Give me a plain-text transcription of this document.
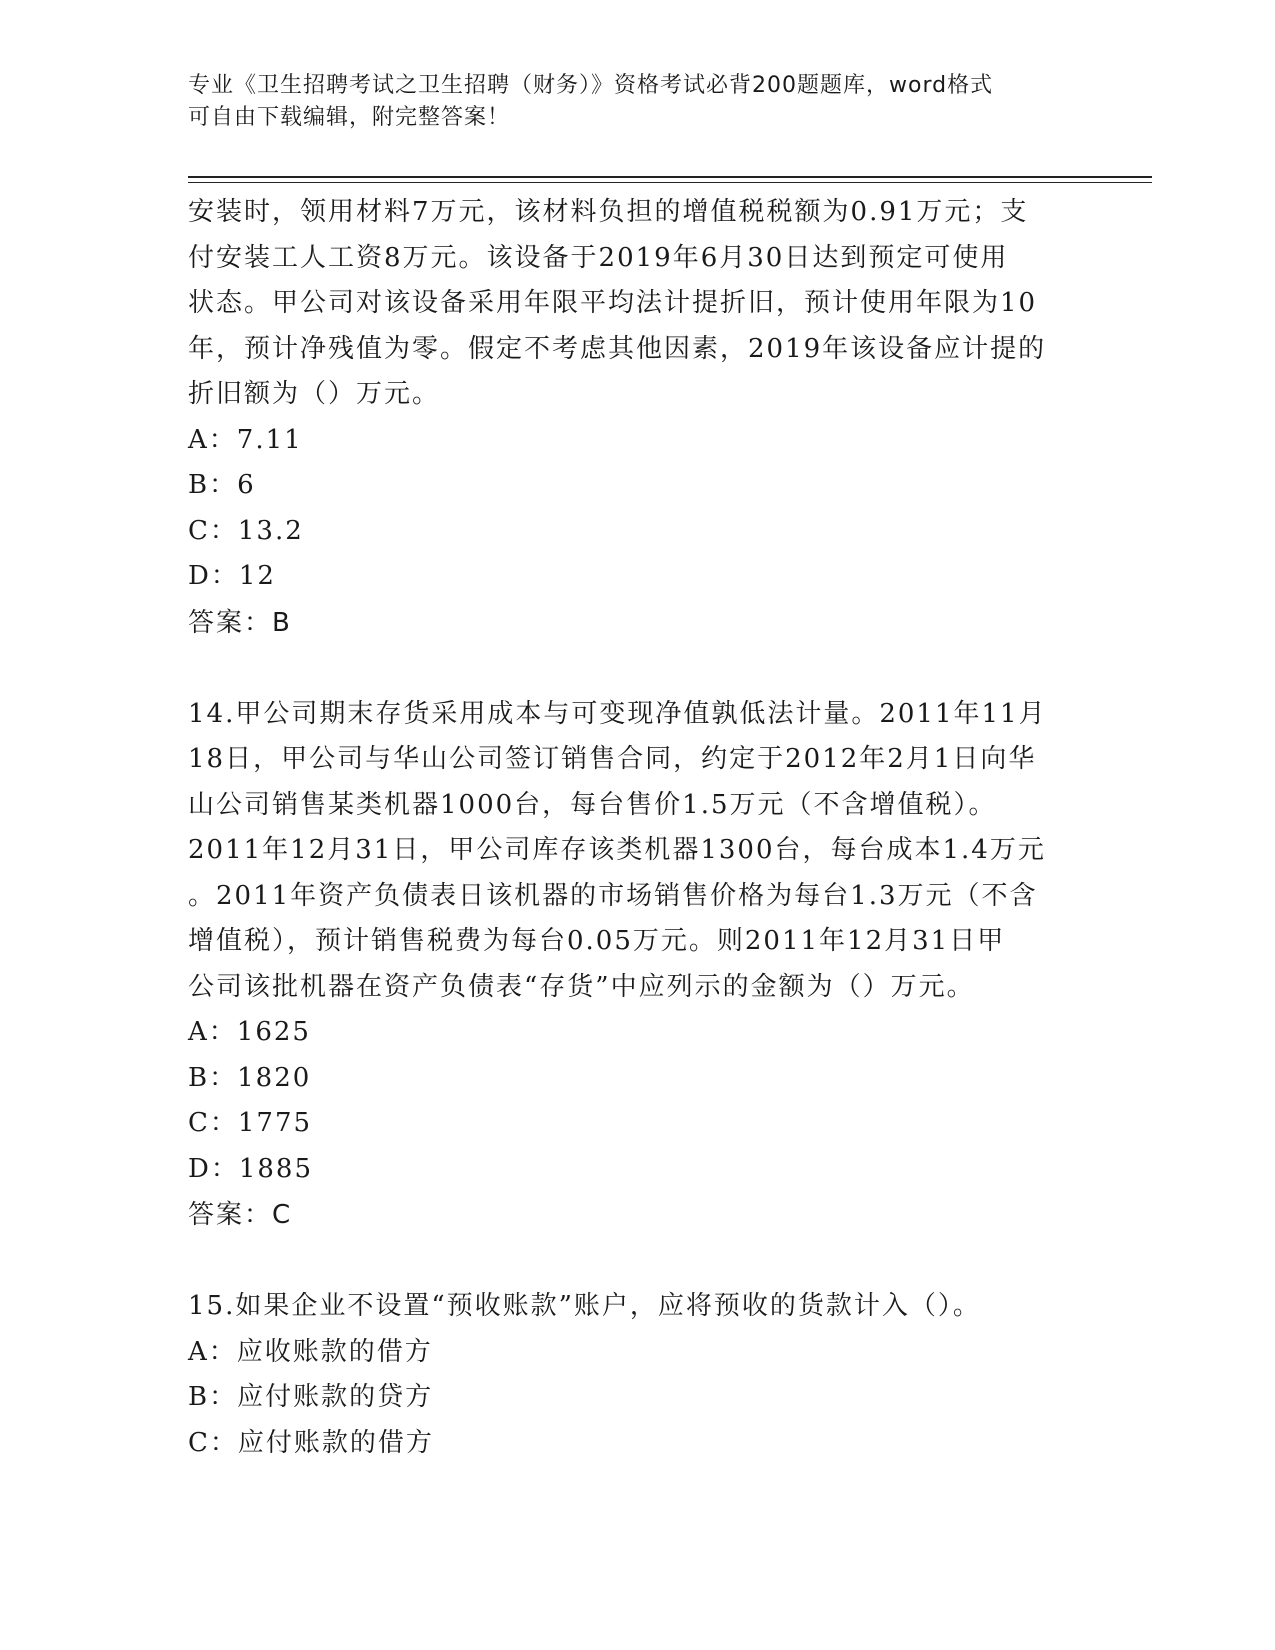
专业《卫生招聘考试之卫生招聘（财务）》资格考试必背200题题库，word格式
可自由下载编辑，附完整答案！
安装时，领用材料7万元，该材料负担的增值税税额为0.91万元；支
付安装工人工资8万元。该设备于2019年6月30日达到预定可使用
状态。甲公司对该设备采用年限平均法计提折旧，预计使用年限为10
年，预计净残值为零。假定不考虑其他因素，2019年该设备应计提的
折旧额为（）万元。
A：7.11
B：6
C：13.2
D：12
答案：B
14.甲公司期末存货采用成本与可变现净值孰低法计量。2011年11月
18日，甲公司与华山公司签订销售合同，约定于2012年2月1日向华
山公司销售某类机器1000台，每台售价1.5万元（不含增值税）。
2011年12月31日，甲公司库存该类机器1300台，每台成本1.4万元
。2011年资产负债表日该机器的市场销售价格为每台1.3万元（不含
增值税），预计销售税费为每台0.05万元。则2011年12月31日甲
公司该批机器在资产负债表“存货”中应列示的金额为（）万元。
A：1625
B：1820
C：1775
D：1885
答案：C
15.如果企业不设置“预收账款”账户，应将预收的货款计入（）。
A：应收账款的借方
B：应付账款的贷方
C：应付账款的借方
